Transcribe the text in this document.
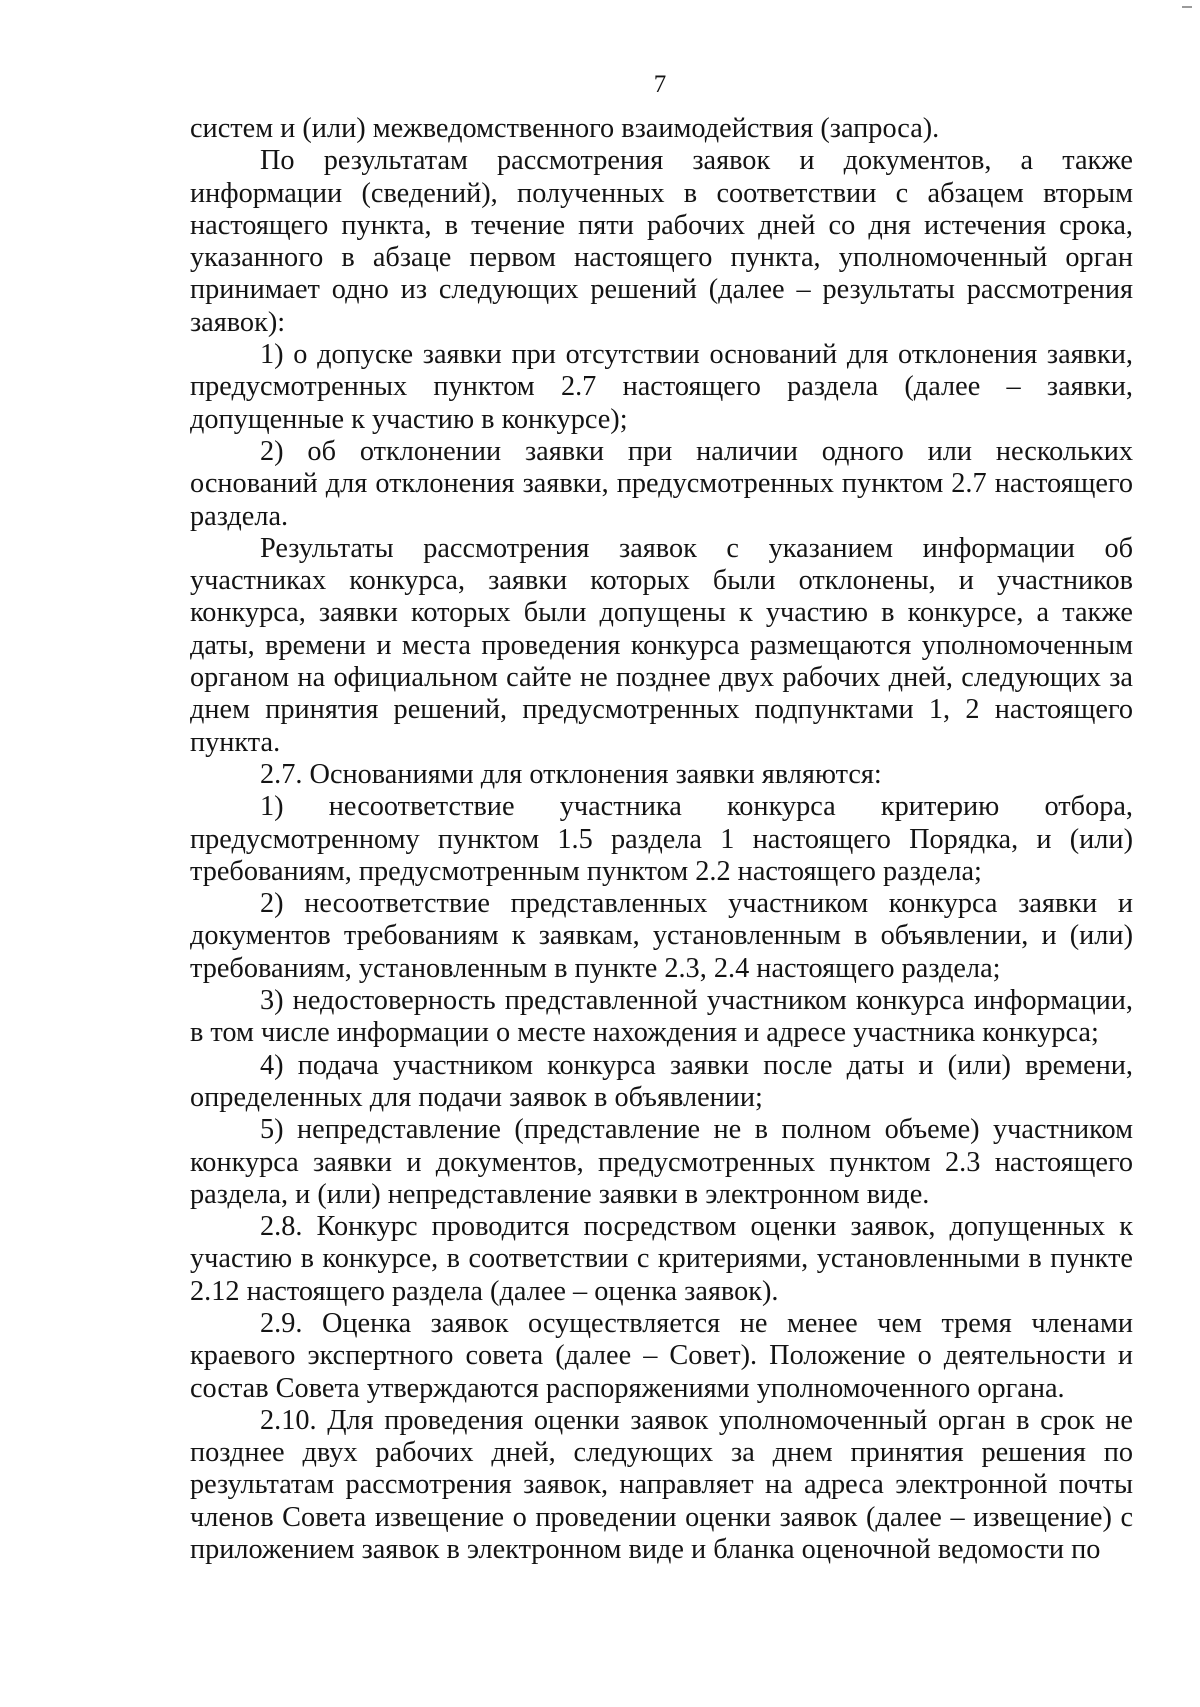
7

систем и (или) межведомственного взаимодействия (запроса).

По результатам рассмотрения заявок и документов, а также информации (сведений), полученных в соответствии с абзацем вторым настоящего пункта, в течение пяти рабочих дней со дня истечения срока, указанного в абзаце первом настоящего пункта, уполномоченный орган принимает одно из следующих решений (далее – результаты рассмотрения заявок):

1) о допуске заявки при отсутствии оснований для отклонения заявки, предусмотренных пунктом 2.7 настоящего раздела (далее – заявки, допущенные к участию в конкурсе);

2) об отклонении заявки при наличии одного или нескольких оснований для отклонения заявки, предусмотренных пунктом 2.7 настоящего раздела.

Результаты рассмотрения заявок с указанием информации об участниках конкурса, заявки которых были отклонены, и участников конкурса, заявки которых были допущены к участию в конкурсе, а также даты, времени и места проведения конкурса размещаются уполномоченным органом на официальном сайте не позднее двух рабочих дней, следующих за днем принятия решений, предусмотренных подпунктами 1, 2 настоящего пункта.

2.7. Основаниями для отклонения заявки являются:

1) несоответствие участника конкурса критерию отбора, предусмотренному пунктом 1.5 раздела 1 настоящего Порядка, и (или) требованиям, предусмотренным пунктом 2.2 настоящего раздела;

2) несоответствие представленных участником конкурса заявки и документов требованиям к заявкам, установленным в объявлении, и (или) требованиям, установленным в пункте 2.3, 2.4 настоящего раздела;

3) недостоверность представленной участником конкурса информации, в том числе информации о месте нахождения и адресе участника конкурса;

4) подача участником конкурса заявки после даты и (или) времени, определенных для подачи заявок в объявлении;

5) непредставление (представление не в полном объеме) участником конкурса заявки и документов, предусмотренных пунктом 2.3 настоящего раздела, и (или) непредставление заявки в электронном виде.

2.8. Конкурс проводится посредством оценки заявок, допущенных к участию в конкурсе, в соответствии с критериями, установленными в пункте 2.12 настоящего раздела (далее – оценка заявок).

2.9. Оценка заявок осуществляется не менее чем тремя членами краевого экспертного совета (далее – Совет). Положение о деятельности и состав Совета утверждаются распоряжениями уполномоченного органа.

2.10. Для проведения оценки заявок уполномоченный орган в срок не позднее двух рабочих дней, следующих за днем принятия решения по результатам рассмотрения заявок, направляет на адреса электронной почты членов Совета извещение о проведении оценки заявок (далее – извещение) с приложением заявок в электронном виде и бланка оценочной ведомости по
